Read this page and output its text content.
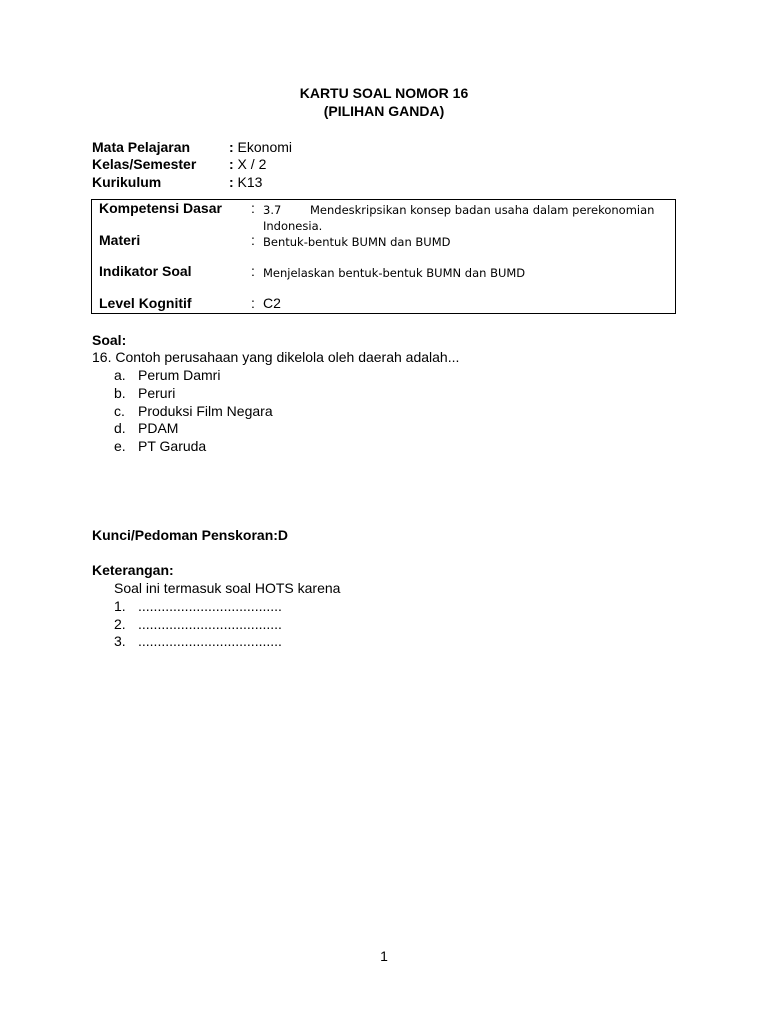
KARTU SOAL NOMOR 16
(PILIHAN GANDA)
Mata Pelajaran	: Ekonomi
Kelas/Semester : X / 2
Kurikulum	: K13
Kompetensi Dasar	: 3.7 Mendeskripsikan konsep badan usaha dalam perekonomian
Indonesia.
Materi	: Bentuk-bentuk BUMN dan BUMD
Indikator Soal	: Menjelaskan bentuk-bentuk BUMN dan BUMD
Level Kognitif	: C2
Soal:
16. Contoh perusahaan yang dikelola oleh daerah adalah...
a. Perum Damri
b. Peruri
c. Produksi Film Negara
d. PDAM
e. PT Garuda
Kunci/Pedoman Penskoran:D
Keterangan:
Soal ini termasuk soal HOTS karena
1. .....................................
2. .....................................
3. .....................................
1
